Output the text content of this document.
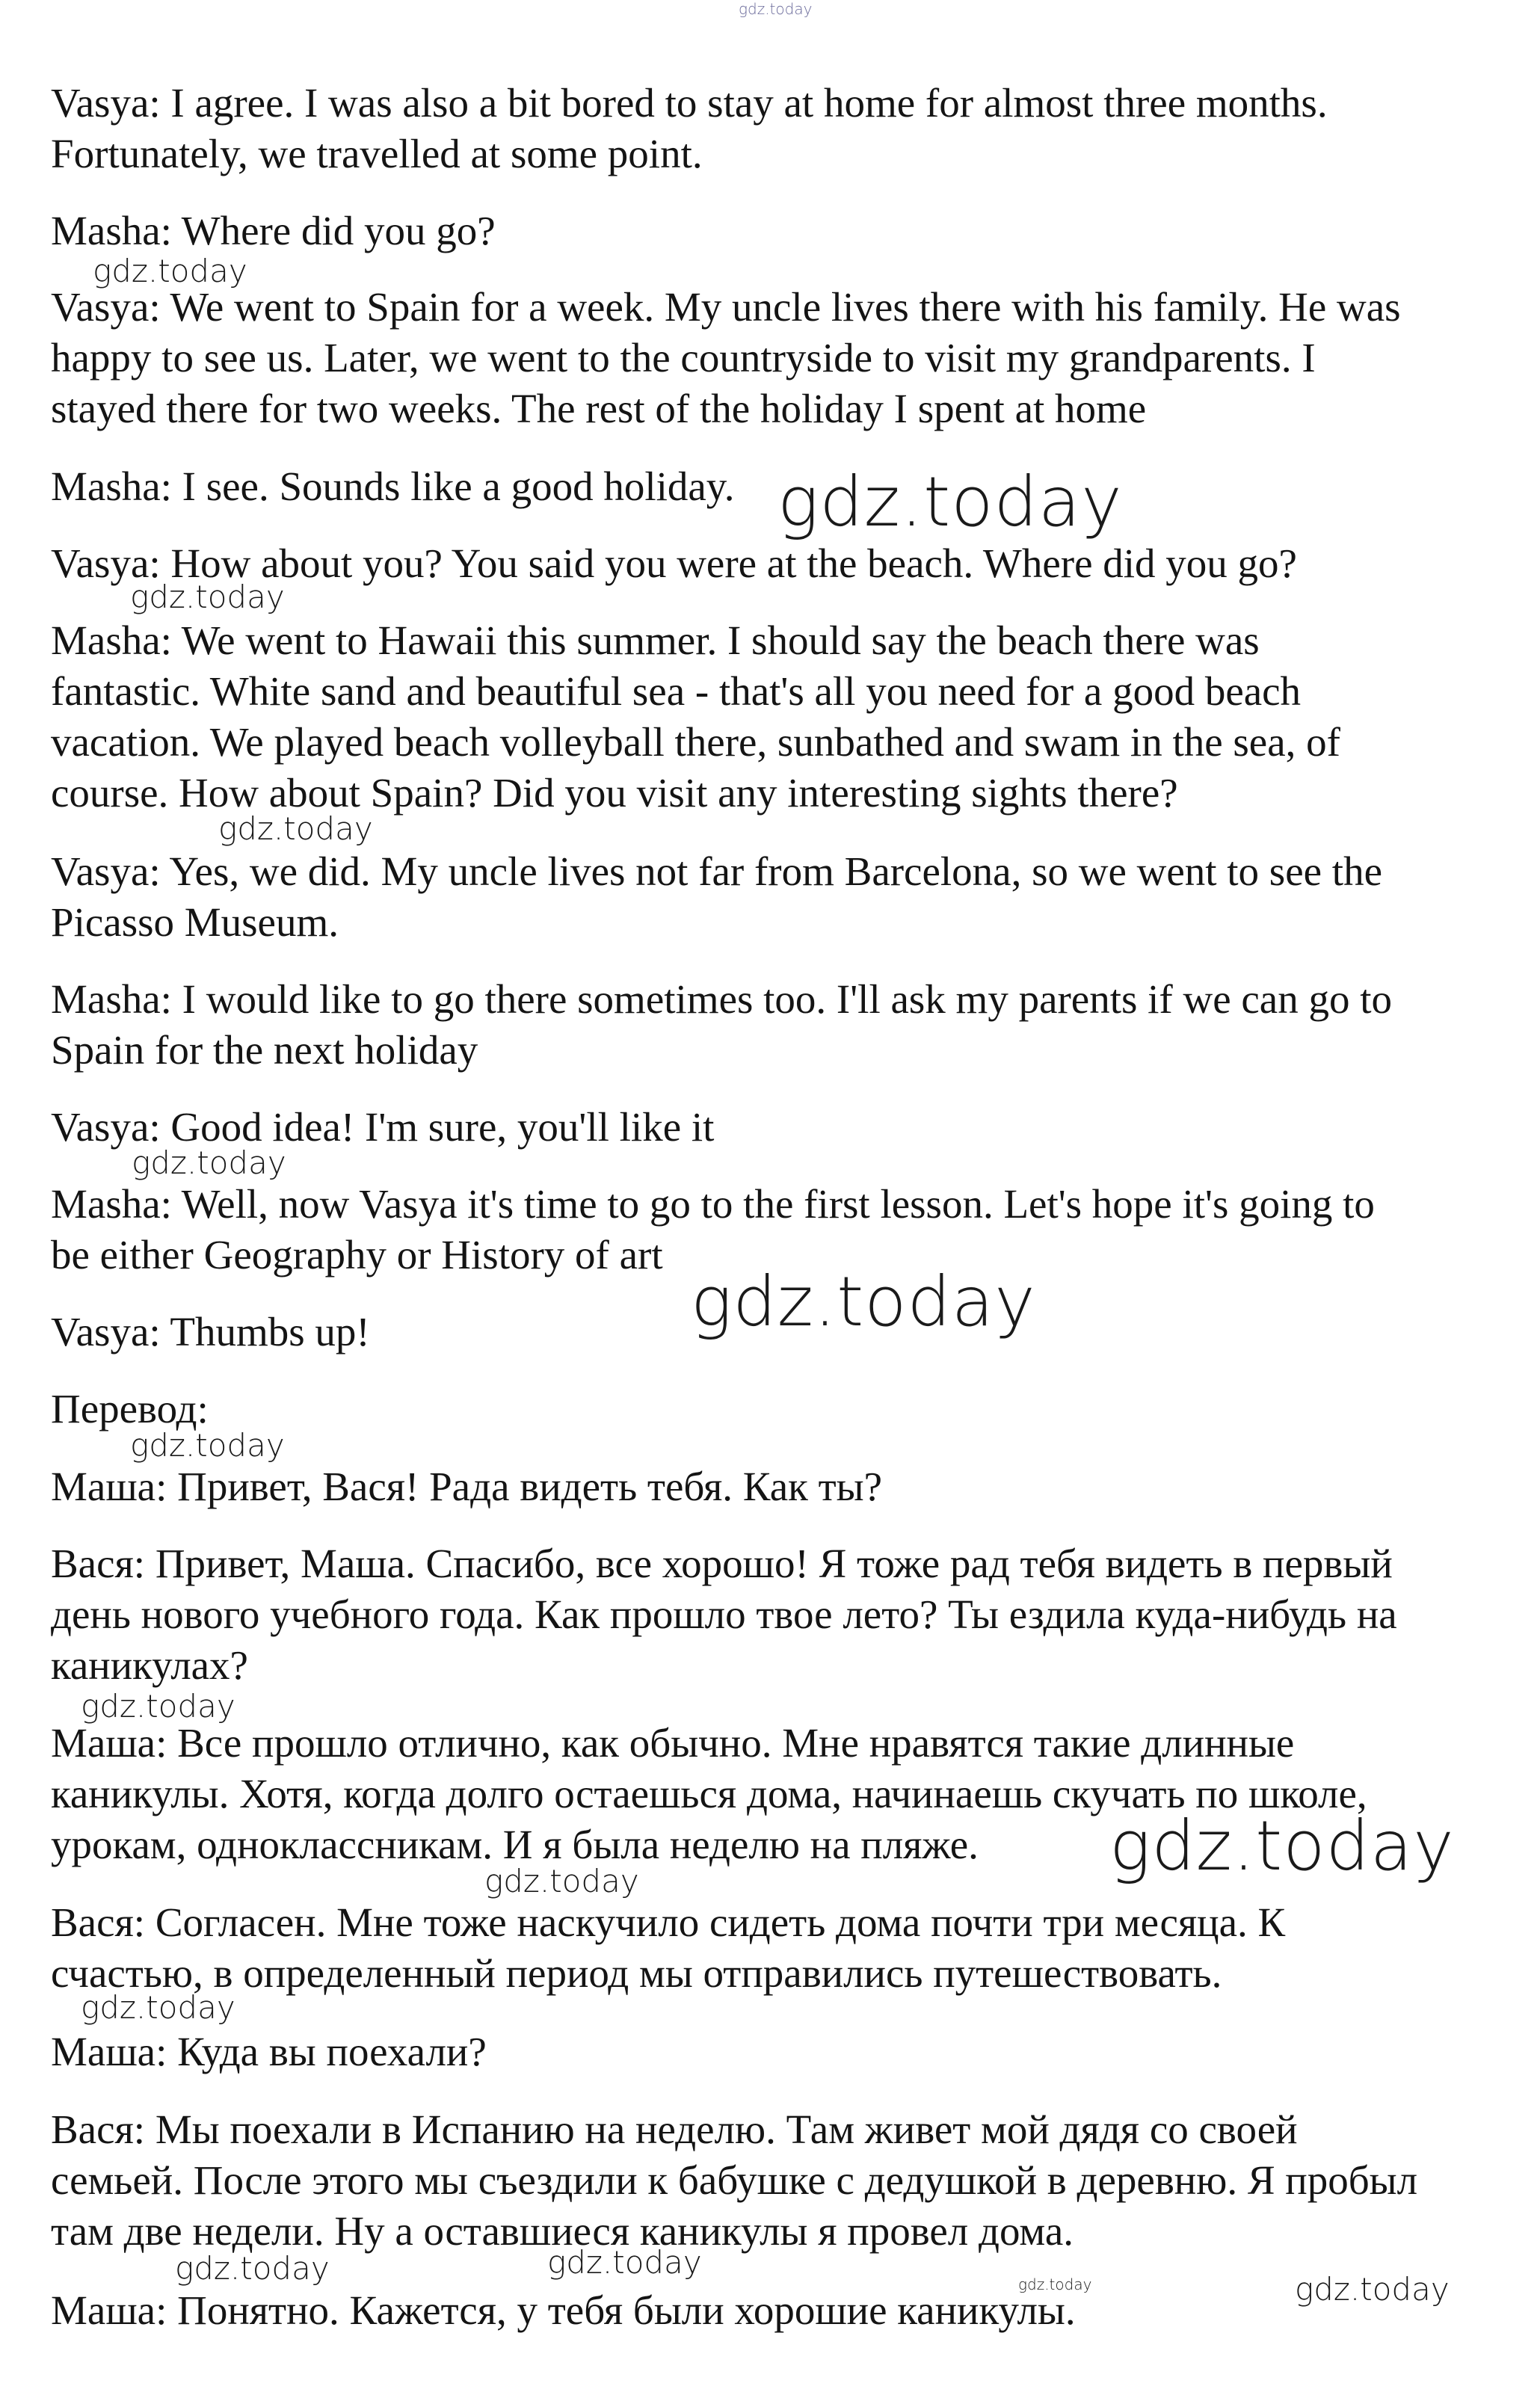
Vasya: I agree. I was also a bit bored to stay at home for almost three months.
Fortunately, we travelled at some point.

Masha: Where did you go?

Vasya: We went to Spain for a week. My uncle lives there with his family. He was
happy to see us. Later, we went to the countryside to visit my grandparents. I
stayed there for two weeks. The rest of the holiday I spent at home

Masha: I see. Sounds like a good holiday.

Vasya: How about you? You said you were at the beach. Where did you go?

Masha: We went to Hawaii this summer. I should say the beach there was
fantastic. White sand and beautiful sea - that's all you need for a good beach
vacation. We played beach volleyball there, sunbathed and swam in the sea, of
course. How about Spain? Did you visit any interesting sights there?

Vasya: Yes, we did. My uncle lives not far from Barcelona, so we went to see the
Picasso Museum.

Masha: I would like to go there sometimes too. I'll ask my parents if we can go to
Spain for the next holiday

Vasya: Good idea! I'm sure, you'll like it

Masha: Well, now Vasya it's time to go to the first lesson. Let's hope it's going to
be either Geography or History of art

Vasya: Thumbs up!

Перевод:

Маша: Привет, Вася! Рада видеть тебя. Как ты?

Вася: Привет, Маша. Спасибо, все хорошо! Я тоже рад тебя видеть в первый
день нового учебного года. Как прошло твое лето? Ты ездила куда-нибудь на
каникулах?

Маша: Все прошло отлично, как обычно. Мне нравятся такие длинные
каникулы. Хотя, когда долго остаешься дома, начинаешь скучать по школе,
урокам, одноклассникам. И я была неделю на пляже.

Вася: Согласен. Мне тоже наскучило сидеть дома почти три месяца. К
счастью, в определенный период мы отправились путешествовать.

Маша: Куда вы поехали?

Вася: Мы поехали в Испанию на неделю. Там живет мой дядя со своей
семьей. После этого мы съездили к бабушке с дедушкой в деревню. Я пробыл
там две недели. Ну а оставшиеся каникулы я провел дома.

Маша: Понятно. Кажется, у тебя были хорошие каникулы.

gdz.today
gdz.today
gdz.today
gdz.today
gdz.today
gdz.today
gdz.today
gdz.today
gdz.today
gdz.today
gdz.today
gdz.today
gdz.today	gdz.today
gdz.today	gdz.today
